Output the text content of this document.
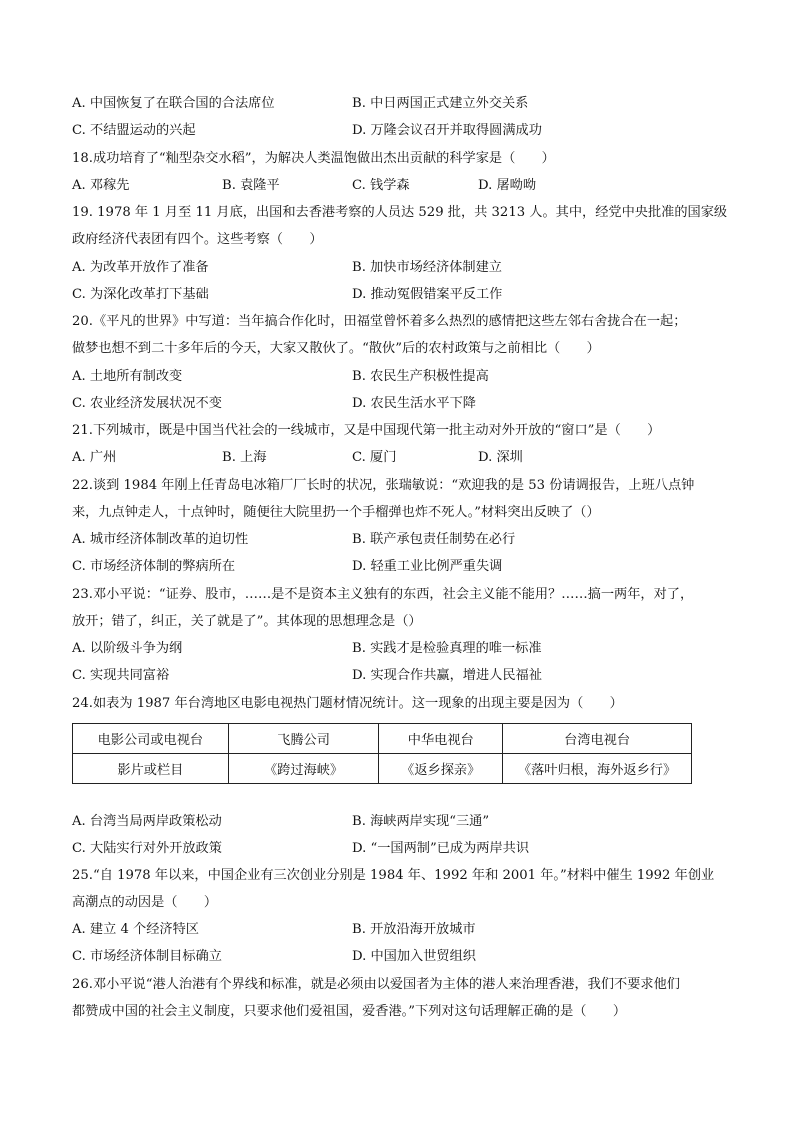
A. 中国恢复了在联合国的合法席位	B. 中日两国正式建立外交关系
C. 不结盟运动的兴起	D. 万隆会议召开并取得圆满成功
18.成功培育了“籼型杂交水稻”，为解决人类温饱做出杰出贡献的科学家是（　　）
A. 邓稼先	B. 袁隆平	C. 钱学森	D. 屠呦呦
19. 1978 年 1 月至 11 月底，出国和去香港考察的人员达 529 批，共 3213 人。其中，经党中央批准的国家级
政府经济代表团有四个。这些考察（　　）
A. 为改革开放作了准备	B. 加快市场经济体制建立
C. 为深化改革打下基础	D. 推动冤假错案平反工作
20.《平凡的世界》中写道：当年搞合作化时，田福堂曾怀着多么热烈的感情把这些左邻右舍拢合在一起；
做梦也想不到二十多年后的今天，大家又散伙了。“散伙”后的农村政策与之前相比（　　）
A. 土地所有制改变	B. 农民生产积极性提高
C. 农业经济发展状况不变	D. 农民生活水平下降
21.下列城市，既是中国当代社会的一线城市，又是中国现代第一批主动对外开放的“窗口”是（　　）
A. 广州	B. 上海	C. 厦门	D. 深圳
22.谈到 1984 年刚上任青岛电冰箱厂厂长时的状况，张瑞敏说：“欢迎我的是 53 份请调报告，上班八点钟
来，九点钟走人，十点钟时，随便往大院里扔一个手榴弹也炸不死人。”材料突出反映了（）
A. 城市经济体制改革的迫切性	B. 联产承包责任制势在必行
C. 市场经济体制的弊病所在	D. 轻重工业比例严重失调
23.邓小平说：“证券、股市，……是不是资本主义独有的东西，社会主义能不能用？……搞一两年，对了，
放开；错了，纠正，关了就是了”。其体现的思想理念是（）
A. 以阶级斗争为纲	B. 实践才是检验真理的唯一标准
C. 实现共同富裕	D. 实现合作共赢，增进人民福祉
24.如表为 1987 年台湾地区电影电视热门题材情况统计。这一现象的出现主要是因为（　　）
电影公司或电视台	飞腾公司	中华电视台	台湾电视台
影片或栏目	《跨过海峡》	《返乡探亲》	《落叶归根，海外返乡行》
A. 台湾当局两岸政策松动	B. 海峡两岸实现“三通”
C. 大陆实行对外开放政策	D. “一国两制”已成为两岸共识
25.“自 1978 年以来，中国企业有三次创业分别是 1984 年、1992 年和 2001 年。”材料中催生 1992 年创业
高潮点的动因是（　　）
A. 建立 4 个经济特区	B. 开放沿海开放城市
C. 市场经济体制目标确立	D. 中国加入世贸组织
26.邓小平说“港人治港有个界线和标准，就是必须由以爱国者为主体的港人来治理香港，我们不要求他们
都赞成中国的社会主义制度，只要求他们爱祖国，爱香港。”下列对这句话理解正确的是（　　）
